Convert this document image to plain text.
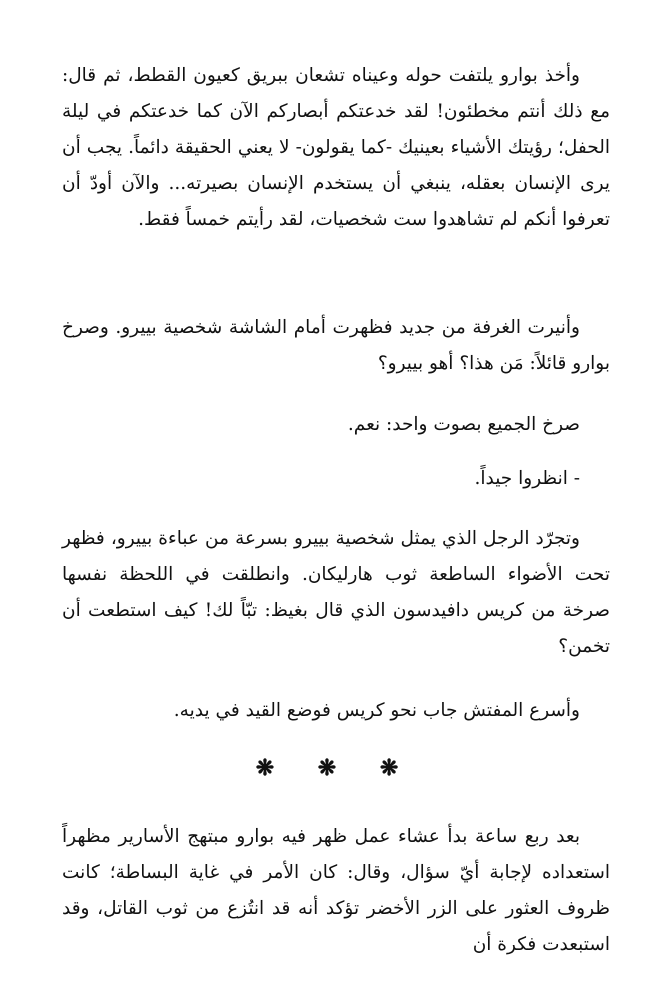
وأخذ بوارو يلتفت حوله وعيناه تشعان ببريق كعيون القطط، ثم قال: مع ذلك أنتم مخطئون! لقد خدعتكم أبصاركم الآن كما خدعتكم في ليلة الحفل؛ رؤيتك الأشياء بعينيك -كما يقولون- لا يعني الحقيقة دائماً. يجب أن يرى الإنسان بعقله، ينبغي أن يستخدم الإنسان بصيرته... والآن أودّ أن تعرفوا أنكم لم تشاهدوا ست شخصيات، لقد رأيتم خمساً فقط.

وأنيرت الغرفة من جديد فظهرت أمام الشاشة شخصية بييرو. وصرخ بوارو قائلاً: مَن هذا؟ أهو بييرو؟

صرخ الجميع بصوت واحد: نعم.

- انظروا جيداً.

وتجرّد الرجل الذي يمثل شخصية بييرو بسرعة من عباءة بييرو، فظهر تحت الأضواء الساطعة ثوب هارليكان. وانطلقت في اللحظة نفسها صرخة من كريس دافيدسون الذي قال بغيظ: تبّاً لك! كيف استطعت أن تخمن؟

وأسرع المفتش جاب نحو كريس فوضع القيد في يديه.

❋ ❋ ❋

بعد ربع ساعة بدأ عشاء عمل ظهر فيه بوارو مبتهج الأسارير مظهراً استعداده لإجابة أيّ سؤال، وقال: كان الأمر في غاية البساطة؛ كانت ظروف العثور على الزر الأخضر تؤكد أنه قد انتُزع من ثوب القاتل، وقد استبعدت فكرة أن
